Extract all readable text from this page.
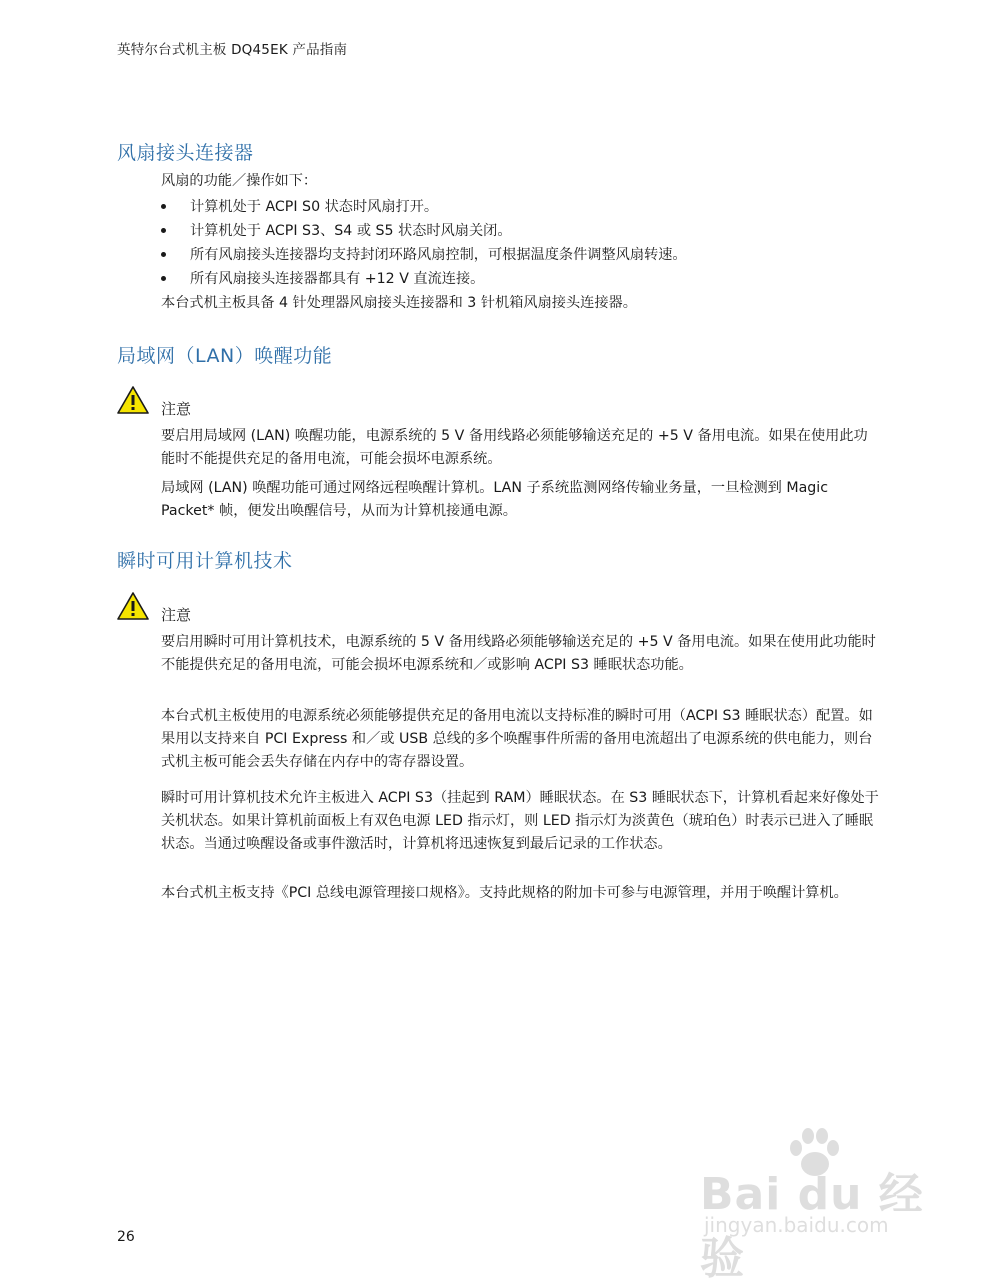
英特尔台式机主板 DQ45EK 产品指南
风扇接头连接器

风扇的功能／操作如下：

计算机处于 ACPI S0 状态时风扇打开。
计算机处于 ACPI S3、S4 或 S5 状态时风扇关闭。
所有风扇接头连接器均支持封闭环路风扇控制，可根据温度条件调整风扇转速。
所有风扇接头连接器都具有 +12 V 直流连接。

本台式机主板具备 4 针处理器风扇接头连接器和 3 针机箱风扇接头连接器。

局域网（LAN）唤醒功能
注意

要启用局域网 (LAN) 唤醒功能，电源系统的 5 V 备用线路必须能够输送充足的 +5 V 备用电流。如果在使用此功能时不能提供充足的备用电流，可能会损坏电源系统。

局域网 (LAN) 唤醒功能可通过网络远程唤醒计算机。LAN 子系统监测网络传输业务量，一旦检测到 Magic Packet* 帧，便发出唤醒信号，从而为计算机接通电源。

瞬时可用计算机技术
注意

要启用瞬时可用计算机技术，电源系统的 5 V 备用线路必须能够输送充足的 +5 V 备用电流。如果在使用此功能时不能提供充足的备用电流，可能会损坏电源系统和／或影响 ACPI S3 睡眠状态功能。

本台式机主板使用的电源系统必须能够提供充足的备用电流以支持标准的瞬时可用（ACPI S3 睡眠状态）配置。如果用以支持来自 PCI Express 和／或 USB 总线的多个唤醒事件所需的备用电流超出了电源系统的供电能力，则台式机主板可能会丢失存储在内存中的寄存器设置。

瞬时可用计算机技术允许主板进入 ACPI S3（挂起到 RAM）睡眠状态。在 S3 睡眠状态下，计算机看起来好像处于关机状态。如果计算机前面板上有双色电源 LED 指示灯，则 LED 指示灯为淡黄色（琥珀色）时表示已进入了睡眠状态。当通过唤醒设备或事件激活时，计算机将迅速恢复到最后记录的工作状态。

本台式机主板支持《PCI 总线电源管理接口规格》。支持此规格的附加卡可参与电源管理，并用于唤醒计算机。

26
Bai du 经验
jingyan.baidu.com
